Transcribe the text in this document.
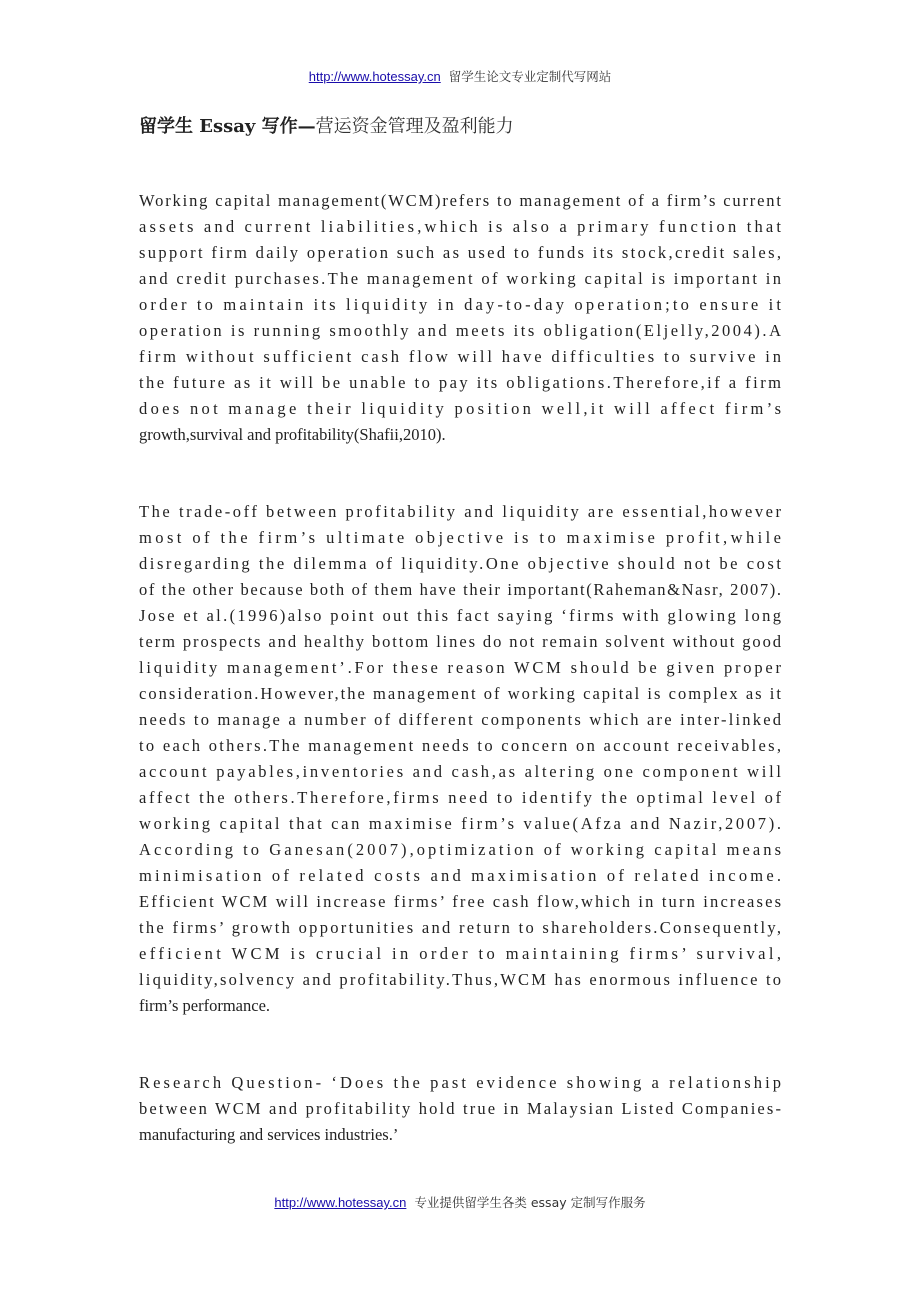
http://www.hotessay.cn 留学生论文专业定制代写网站
留学生 Essay 写作—营运资金管理及盈利能力
Working capital management(WCM)refers to management of a firm’s current
assets and current liabilities,which is also a primary function that
support firm daily operation such as used to funds its stock,credit sales,
and credit purchases.The management of working capital is important in
order to maintain its liquidity in day-to-day operation;to ensure it
operation is running smoothly and meets its obligation(Eljelly,2004).A
firm without sufficient cash flow will have difficulties to survive in
the future as it will be unable to pay its obligations.Therefore,if a firm
does not manage their liquidity position well,it will affect firm’s
growth,survival and profitability(Shafii,2010).
The trade-off between profitability and liquidity are essential,however
most of the firm’s ultimate objective is to maximise profit,while
disregarding the dilemma of liquidity.One objective should not be cost
of the other because both of them have their important(Raheman&Nasr, 2007).
Jose et al.(1996)also point out this fact saying ‘firms with glowing long
term prospects and healthy bottom lines do not remain solvent without good
liquidity management’.For these reason WCM should be given proper
consideration.However,the management of working capital is complex as it
needs to manage a number of different components which are inter-linked
to each others.The management needs to concern on account receivables,
account payables,inventories and cash,as altering one component will
affect the others.Therefore,firms need to identify the optimal level of
working capital that can maximise firm’s value(Afza and Nazir,2007).
According to Ganesan(2007),optimization of working capital means
minimisation of related costs and maximisation of related income.
Efficient WCM will increase firms’ free cash flow,which in turn increases
the firms’ growth opportunities and return to shareholders.Consequently,
efficient WCM is crucial in order to maintaining firms’ survival,
liquidity,solvency and profitability.Thus,WCM has enormous influence to
firm’s performance.
Research Question- ‘Does the past evidence showing a relationship
between WCM and profitability hold true in Malaysian Listed Companies-
manufacturing and services industries.’
http://www.hotessay.cn 专业提供留学生各类 essay 定制写作服务
